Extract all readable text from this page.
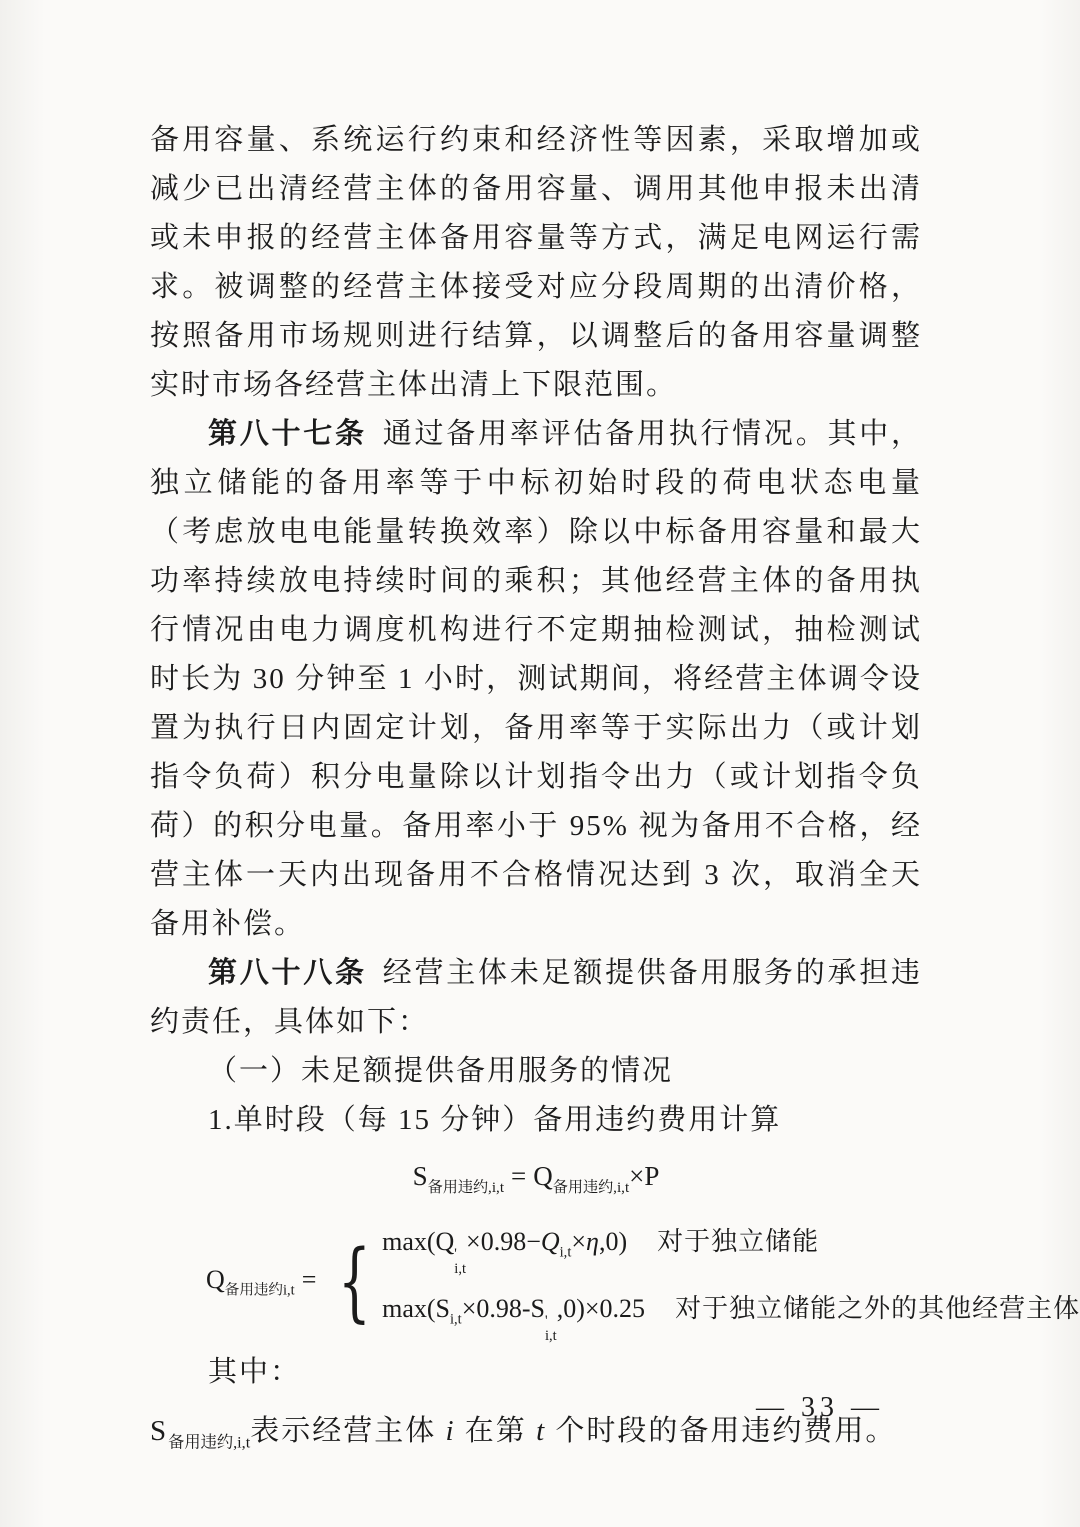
备用容量、系统运行约束和经济性等因素，采取增加或减少已出清经营主体的备用容量、调用其他申报未出清或未申报的经营主体备用容量等方式，满足电网运行需求。被调整的经营主体接受对应分段周期的出清价格，按照备用市场规则进行结算，以调整后的备用容量调整实时市场各经营主体出清上下限范围。

第八十七条 通过备用率评估备用执行情况。其中，独立储能的备用率等于中标初始时段的荷电状态电量（考虑放电电能量转换效率）除以中标备用容量和最大功率持续放电持续时间的乘积；其他经营主体的备用执行情况由电力调度机构进行不定期抽检测试，抽检测试时长为 30 分钟至 1 小时，测试期间，将经营主体调令设置为执行日内固定计划，备用率等于实际出力（或计划指令负荷）积分电量除以计划指令出力（或计划指令负荷）的积分电量。备用率小于 95% 视为备用不合格，经营主体一天内出现备用不合格情况达到 3 次，取消全天备用补偿。

第八十八条 经营主体未足额提供备用服务的承担违约责任，具体如下：

（一）未足额提供备用服务的情况

1.单时段（每 15 分钟）备用违约费用计算

$S_{备用违约,i,t} = Q_{备用违约,i,t}\times P$
$Q_{备用违约i,t}$ = { max(Q '
i,t
$\times 0.98-Q_{i,t}\times\eta,0$) 对于独立储能
$\max(S_{i,t}\times 0.98-S$ '
i,t
,0)×0.25 对于独立储能之外的其他经营主体

其中：

$S_{备用违约,i,t}$表示经营主体 i 在第 t 个时段的备用违约费用。

— 33 —
